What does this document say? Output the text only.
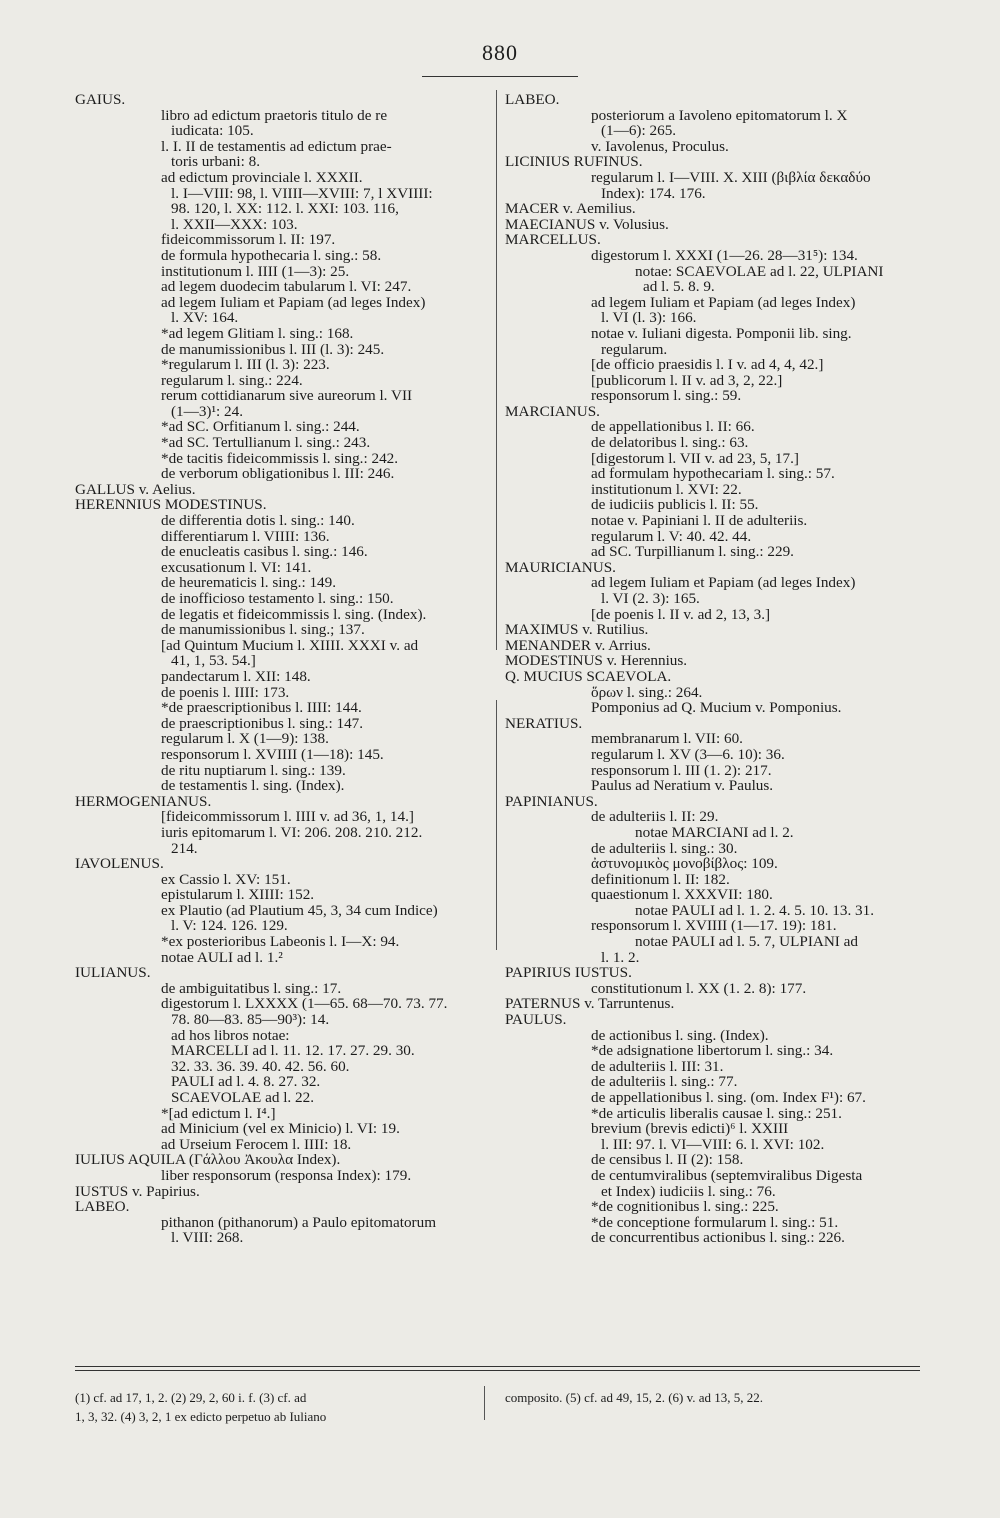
880
GAIUS.
libro ad edictum praetoris titulo de re
iudicata: 105.
l. I. II de testamentis ad edictum prae-
toris urbani: 8.
ad edictum provinciale l. XXXII.
l. I—VIII: 98, l. VIIII—XVIII: 7, l XVIIII:
98. 120, l. XX: 112. l. XXI: 103. 116,
l. XXII—XXX: 103.
fideicommissorum l. II: 197.
de formula hypothecaria l. sing.: 58.
institutionum l. IIII (1—3): 25.
ad legem duodecim tabularum l. VI: 247.
ad legem Iuliam et Papiam (ad leges Index)
l. XV: 164.
*ad legem Glitiam l. sing.: 168.
de manumissionibus l. III (l. 3): 245.
*regularum l. III (l. 3): 223.
regularum l. sing.: 224.
rerum cottidianarum sive aureorum l. VII
(1—3)¹: 24.
*ad SC. Orfitianum l. sing.: 244.
*ad SC. Tertullianum l. sing.: 243.
*de tacitis fideicommissis l. sing.: 242.
de verborum obligationibus l. III: 246.
GALLUS v. Aelius.
HERENNIUS MODESTINUS.
de differentia dotis l. sing.: 140.
differentiarum l. VIIII: 136.
de enucleatis casibus l. sing.: 146.
excusationum l. VI: 141.
de heurematicis l. sing.: 149.
de inofficioso testamento l. sing.: 150.
de legatis et fideicommissis l. sing. (Index).
de manumissionibus l. sing.; 137.
[ad Quintum Mucium l. XIIII. XXXI v. ad
41, 1, 53. 54.]
pandectarum l. XII: 148.
de poenis l. IIII: 173.
*de praescriptionibus l. IIII: 144.
de praescriptionibus l. sing.: 147.
regularum l. X (1—9): 138.
responsorum l. XVIIII (1—18): 145.
de ritu nuptiarum l. sing.: 139.
de testamentis l. sing. (Index).
HERMOGENIANUS.
[fideicommissorum l. IIII v. ad 36, 1, 14.]
iuris epitomarum l. VI: 206. 208. 210. 212.
214.
IAVOLENUS.
ex Cassio l. XV: 151.
epistularum l. XIIII: 152.
ex Plautio (ad Plautium 45, 3, 34 cum Indice)
l. V: 124. 126. 129.
*ex posterioribus Labeonis l. I—X: 94.
notae AULI ad l. 1.²
IULIANUS.
de ambiguitatibus l. sing.: 17.
digestorum l. LXXXX (1—65. 68—70. 73. 77.
78. 80—83. 85—90³): 14.
ad hos libros notae:
MARCELLI ad l. 11. 12. 17. 27. 29. 30.
32. 33. 36. 39. 40. 42. 56. 60.
PAULI ad l. 4. 8. 27. 32.
SCAEVOLAE ad l. 22.
*[ad edictum l. I⁴.]
ad Minicium (vel ex Minicio) l. VI: 19.
ad Urseium Ferocem l. IIII: 18.
IULIUS AQUILA (Γάλλου Ἀκουλα Index).
liber responsorum (responsa Index): 179.
IUSTUS v. Papirius.
LABEO.
pithanon (pithanorum) a Paulo epitomatorum
l. VIII: 268.
LABEO.
posteriorum a Iavoleno epitomatorum l. X
(1—6): 265.
v. Iavolenus, Proculus.
LICINIUS RUFINUS.
regularum l. I—VIII. X. XIII (βιβλία δεκαδύο
Index): 174. 176.
MACER v. Aemilius.
MAECIANUS v. Volusius.
MARCELLUS.
digestorum l. XXXI (1—26. 28—31⁵): 134.
notae: SCAEVOLAE ad l. 22, ULPIANI
ad l. 5. 8. 9.
ad legem Iuliam et Papiam (ad leges Index)
l. VI (l. 3): 166.
notae v. Iuliani digesta. Pomponii lib. sing.
regularum.
[de officio praesidis l. I v. ad 4, 4, 42.]
[publicorum l. II v. ad 3, 2, 22.]
responsorum l. sing.: 59.
MARCIANUS.
de appellationibus l. II: 66.
de delatoribus l. sing.: 63.
[digestorum l. VII v. ad 23, 5, 17.]
ad formulam hypothecariam l. sing.: 57.
institutionum l. XVI: 22.
de iudiciis publicis l. II: 55.
notae v. Papiniani l. II de adulteriis.
regularum l. V: 40. 42. 44.
ad SC. Turpillianum l. sing.: 229.
MAURICIANUS.
ad legem Iuliam et Papiam (ad leges Index)
l. VI (2. 3): 165.
[de poenis l. II v. ad 2, 13, 3.]
MAXIMUS v. Rutilius.
MENANDER v. Arrius.
MODESTINUS v. Herennius.
Q. MUCIUS SCAEVOLA.
ὅρων l. sing.: 264.
Pomponius ad Q. Mucium v. Pomponius.
NERATIUS.
membranarum l. VII: 60.
regularum l. XV (3—6. 10): 36.
responsorum l. III (1. 2): 217.
Paulus ad Neratium v. Paulus.
PAPINIANUS.
de adulteriis l. II: 29.
notae MARCIANI ad l. 2.
de adulteriis l. sing.: 30.
ἀστυνομικὸς μονοβίβλος: 109.
definitionum l. II: 182.
quaestionum l. XXXVII: 180.
notae PAULI ad l. 1. 2. 4. 5. 10. 13. 31.
responsorum l. XVIIII (1—17. 19): 181.
notae PAULI ad l. 5. 7, ULPIANI ad
l. 1. 2.
PAPIRIUS IUSTUS.
constitutionum l. XX (1. 2. 8): 177.
PATERNUS v. Tarruntenus.
PAULUS.
de actionibus l. sing. (Index).
*de adsignatione libertorum l. sing.: 34.
de adulteriis l. III: 31.
de adulteriis l. sing.: 77.
de appellationibus l. sing. (om. Index F¹): 67.
*de articulis liberalis causae l. sing.: 251.
brevium (brevis edicti)⁶ l. XXIII
l. III: 97. l. VI—VIII: 6. l. XVI: 102.
de censibus l. II (2): 158.
de centumviralibus (septemviralibus Digesta
et Index) iudiciis l. sing.: 76.
*de cognitionibus l. sing.: 225.
*de conceptione formularum l. sing.: 51.
de concurrentibus actionibus l. sing.: 226.
(1) cf. ad 17, 1, 2. (2) 29, 2, 60 i. f. (3) cf. ad
1, 3, 32. (4) 3, 2, 1 ex edicto perpetuo ab Iuliano
composito. (5) cf. ad 49, 15, 2. (6) v. ad 13, 5, 22.
